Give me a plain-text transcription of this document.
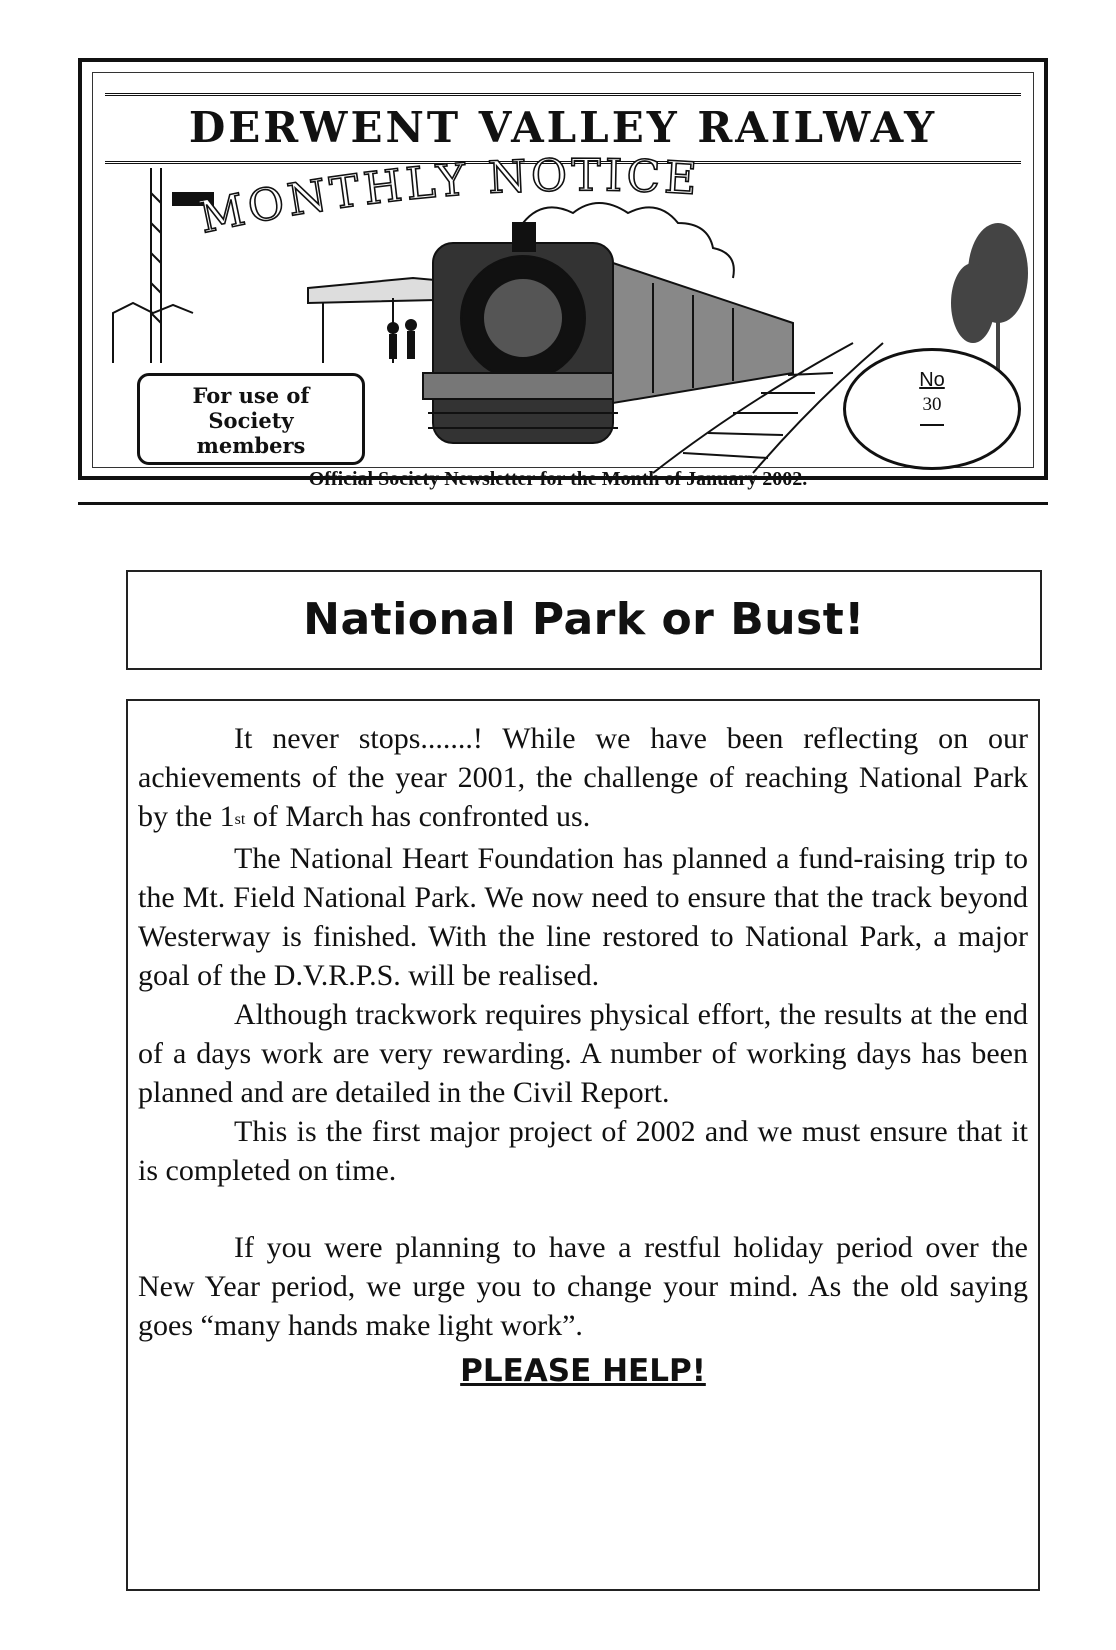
DERWENT VALLEY RAILWAY
MONTHLY NOTICE
For use of
Society
members
No
30
Official Society Newsletter for the Month of January 2002.
National Park or Bust!

It never stops.......! While we have been reflecting on our achievements of the year 2001, the challenge of reaching National Park by the 1st of March has confronted us.

The National Heart Foundation has planned a fund-raising trip to the Mt. Field National Park. We now need to ensure that the track beyond Westerway is finished. With the line restored to National Park, a major goal of the D.V.R.P.S. will be realised.

Although trackwork requires physical effort, the results at the end of a days work are very rewarding. A number of working days has been planned and are detailed in the Civil Report.

This is the first major project of 2002 and we must ensure that it is completed on time.

If you were planning to have a restful holiday period over the New Year period, we urge you to change your mind. As the old saying goes “many hands make light work”.

PLEASE HELP!
